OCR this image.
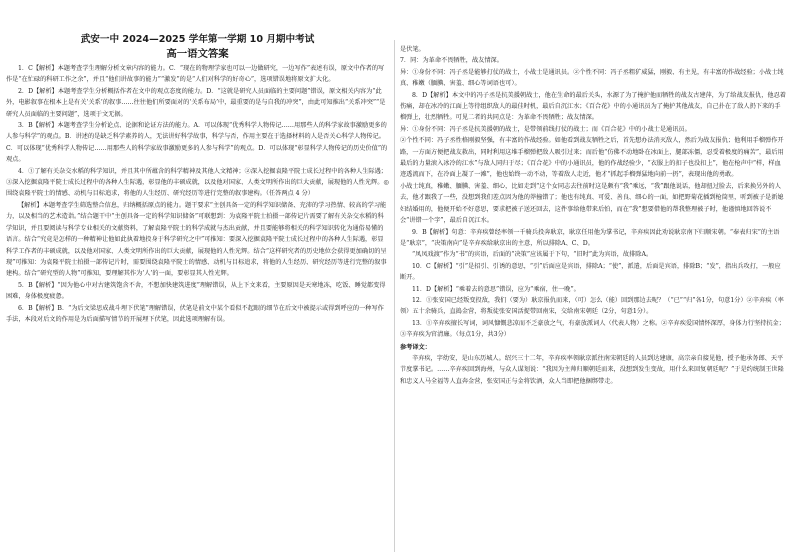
武安一中 2024—2025 学年第一学期 10 月期中考试
高一语文答案

1．C【解析】本题考查学生理解分析文章内容的能力。C．“现在的物理学家也可以一边做研究，一边写作”表述有误，原文中作者的写作是“在忙碌的科研工作之余”，并且“他们讲故事的能力”“激发”的是“人们对科学的好奇心”，选项错误地将原文扩大化。

2．D【解析】本题考查学生分析概括作者在文中的观点态度的能力。D．“这就是研究人员面临的主要问题”错误，原文相关内容为“此外，电影叙事在根本上是有关‘关系’的叙事……往往他们所要面对的‘关系布局’中，最重要的是与自我的冲突”，由此可知推出“关系冲突”“是研究人员面临的主要问题”，选项于文无据。

3．B【解析】本题考查学生分析论点、论据和论证方法的能力。A．可以体现“优秀科学人物传记……用那些人的科学家故事激励更多的人参与科学”的观点。B．讲述的是缺乏科学素养的人，无法讲好科学故事，科学与否，作用主要在于选择材料的人是否关心科学人物传记。C．可以体现“优秀科学人物传记……用那些人的科学家故事激励更多的人参与科学”的观点。D．可以体现“彰显科学人物传记的历史价值”的观点。

4．①了解有关杂交水稻的科学知识，并且其中所蕴含的科学精神及其他人文精神；②深入挖掘袁隆平院士成长过程中的各种人生际遇；③深入挖掘袁隆平院士成长过程中的各种人生际遇，彰显他的丰硕成就，以及他对国家、人类文明所作出的巨大贡献，展现他的人性光辉。◎围绕袁隆平院士的情感、动机与目标追求，将他的人生经历、研究经历等进行完整的叙事建构。（任答两点 4 分）

【解析】本题考查学生筛选整合信息，归纳概括原点的能力。题干要求“主创具备一定的科学知识储备、充沛的学习热情、较高的学习能力，以及相当的艺术造诣。”结合题干中“主创具备一定的科学知识储备”可联想到：为袁隆平院士拍摄一部传记片需要了解有关杂交水稻的科学知识，并且要阅读与科学专业相关的文献资料，了解袁隆平院士的科学成就与杰出贡献，并且要能够将相关的科学知识转化为通俗易懂的语言。结合“究竟是怎样的一种精神让他如此执着地投身于科学研究之中”可推知：要深入挖掘袁隆平院士成长过程中的各种人生际遇，彰显科学工作者的丰硕成就，以及他对国家、人类文明所作出的巨大贡献，展现他的人性光辉。结合“这样研究者的历史地位会获得更加确切的呈现”可推知：为袁隆平院士拍摄一部传记片时，需要围绕袁隆平院士的情感、动机与目标追求，将他的人生经历、研究经历等进行完整的叙事建构。结合“研究型的人物”可推知，要理解其作为‘人’的一面，要彰显其人性光辉。

5．B【解析】“因为他心中对古建筑饱含不舍，不想加快建筑进度”理解错误，从上下文来看，主要原因是天寒地冻，吃饭、睡觉都变得困难，身体极度疲惫。

6．B【解析】B．“为后文梁思成战斗埋下伏笔”理解错误，伏笔是前文中某个看似不起眼的细节在后文中被提示或得到呼应的一种写作手法，本段对后文的作用是为后面描写情节的开展埋下伏笔，因此选项理解有误。

是伏笔。

7．同：为革命不畏牺牲，战友情深。

异：①身份不同：冯子丞是能够打仗的战士，小战士是通讯员。②个性不同：冯子丞粗犷威猛，刚毅、有主见，有丰富的作战经验；小战士纯真、稚嫩（腼腆、害羞、细心等词语也可）。

8．D【解析】本文中的冯子丞是抗美援朝战士，他在生命的最后关头，水源了为了掩护他而牺牲的战友古建萍，为了给战友报仇，他忍着伤痛，却在冰冷的江面上等待组织敌人的最佳时机，最后自沉江水；《百合花》中的小通讯员为了掩护其他战友，自己扑在了敌人扔下来的手榴弹上，壮烈牺牲。可见二者的共同点是：为革命不畏牺牲；战友情深。

异：①身份不同：冯子丞是抗美援朝的战士，是带领前线打仗的战士；而《百合花》中的小战士是通讯员。

②个性不同：冯子丞性格刚毅坚强，有丰富的作战经验。如他看到战友牺牲之后，首先想办法消灭敌人，然后为战友报仇；他利用手榴弹作开路，一方面方便把战友救出，同时利用这堆手榴弹把敌人吸引过来；而后他“仿佛不动地卧在冰面上，腿部冻僵，忍受着极度的痛苦”，最后用最后的力量滚入冰冷的江水”与敌人同归于尽；《百合花》中的小通讯员，他的作战经验少，“衣服上的扣子也没扣上”，他在枪声中“样，样血迹透流而下，在冷面上凝了一滩”，他也始终一动不动，等着敌人走近，他才“抓起手榴弹猛地向前一扔”，表现出他的勇敢。

小战士纯真，稚嫩、腼腆、害羞、细心，比如走到“这个女同志去往前时这是颇有“我”乘远，“我”跟他说话，他却扭过脸去，后来换另外的人去，他才跟我了一些，没想到我们差点因为他的莽撞错了；他也有纯真、可爱、善良、细心的一面，如把野菊花插到枪筒里，听到被子是新媳妇结婚用的，他便开始不好意思，要求把被子送还回去，这件事给他带来后怕，而在“我”想要借他的帮我整理被子时，他谨慎地回答说不会“讲错一个字”，最后自沉江水。

9．B【解析】句意：辛弃疾曾经率领一千骑兵投奔耿京，耿京任用他为掌书记，辛弃疾因此劝说耿京南下归顺宋朝。“奉表归宋”的主语是“耿京”，“决策南向”是辛弃疾给耿京出的主意，所以排除A、C、D。

“凤凤戏渡”作为“书”的宾语，后面的“决策”应该属于下句，“旧时”此为宾语，故排除A。

10．C【解析】“引”是招引、引诱的意思，“引”后面应是宾语，排除A；“使”，派遣，后面是宾语，排除B；“发”，指出兵攻打，一般应断开。

11．D【解析】“乘着去的意思”错误，应为“乘宿，住一晚”。

12．①张安国已经叛变投敌，我们（要为）耿京报仇而来，（可）怎么（能）回到那边去呢？（“已”“归”各1分，句意1分）②辛弃疾（率领）五十余骑兵，直捣金营，将叛徒张安国活捉带回南宋，交给南宋朝廷（2分，句意1分）。

13．①辛弃疾擅长写词，词风慷慨悲凉而不乏豪放之气，有豪放派词人（代表人物）之称。②辛弃疾爱国情怀深厚，身体力行坚持抗金；③辛弃疾为官清廉。（每点1分，共3分）

参考译文：

辛弃疾，字幼安，是山东历城人。绍兴三十二年，辛弃疾率领耿京派往南宋朝廷的人员到达建康，高宗亲自接见他，授予他承务郎、天平节度掌书记。……辛弃疾回到海州，与众人谋划说：“我因为主帅归顺朝廷而来，没想到发生变故，用什么来回复朝廷呢？”于是约统制王世隆和忠义人马全福等人直奔金营，张安国正与金将饮酒，众人当即把他捆绑带走。
